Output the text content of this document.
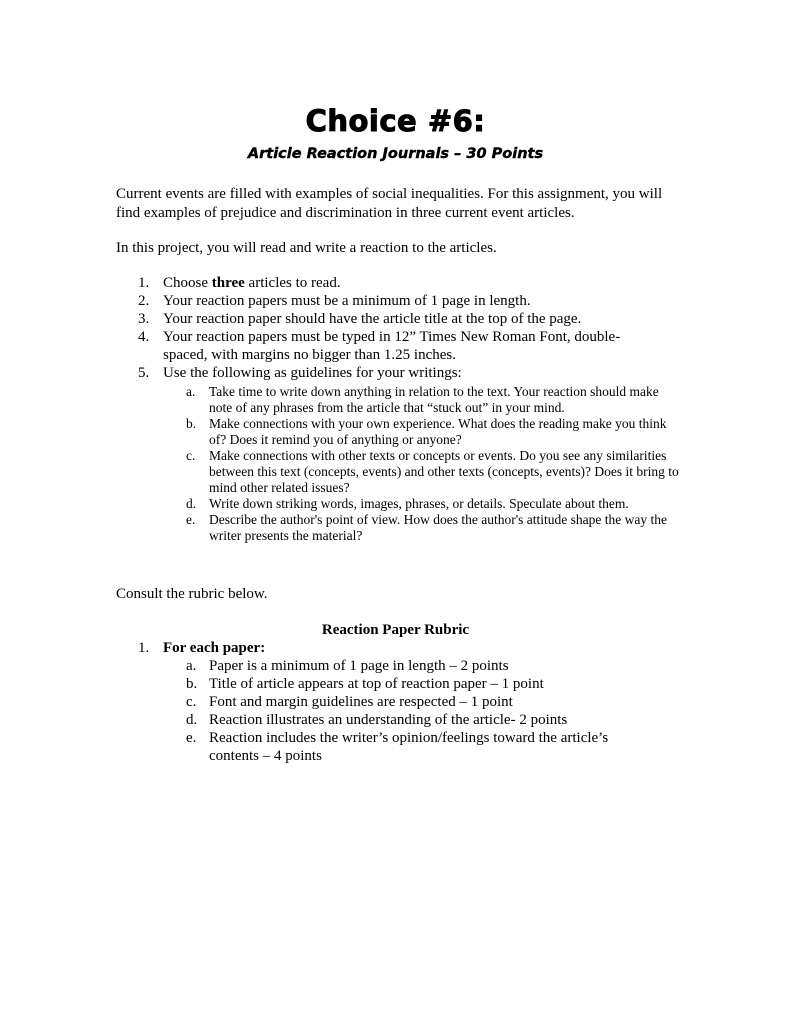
Choice #6:
Article Reaction Journals – 30 Points
Current events are filled with examples of social inequalities. For this assignment, you will find examples of prejudice and discrimination in three current event articles.
In this project, you will read and write a reaction to the articles.
1. Choose three articles to read.
2. Your reaction papers must be a minimum of 1 page in length.
3. Your reaction paper should have the article title at the top of the page.
4. Your reaction papers must be typed in 12” Times New Roman Font, double-spaced, with margins no bigger than 1.25 inches.
5. Use the following as guidelines for your writings:
a. Take time to write down anything in relation to the text. Your reaction should make note of any phrases from the article that “stuck out” in your mind.
b. Make connections with your own experience. What does the reading make you think of? Does it remind you of anything or anyone?
c. Make connections with other texts or concepts or events. Do you see any similarities between this text (concepts, events) and other texts (concepts, events)? Does it bring to mind other related issues?
d. Write down striking words, images, phrases, or details. Speculate about them.
e. Describe the author's point of view. How does the author's attitude shape the way the writer presents the material?
Consult the rubric below.
Reaction Paper Rubric
1. For each paper:
a. Paper is a minimum of 1 page in length – 2 points
b. Title of article appears at top of reaction paper – 1 point
c. Font and margin guidelines are respected – 1 point
d. Reaction illustrates an understanding of the article- 2 points
e. Reaction includes the writer’s opinion/feelings toward the article’s contents – 4 points
